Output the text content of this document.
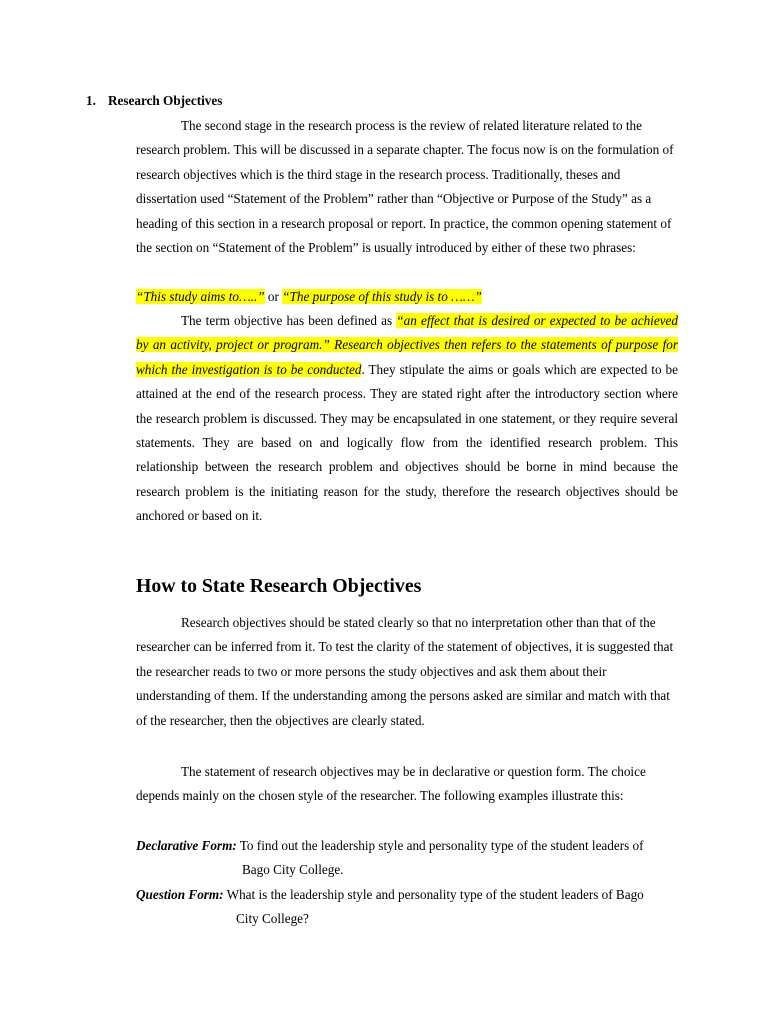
1. Research Objectives

The second stage in the research process is the review of related literature related to the research problem. This will be discussed in a separate chapter. The focus now is on the formulation of research objectives which is the third stage in the research process. Traditionally, theses and dissertation used “Statement of the Problem” rather than “Objective or Purpose of the Study” as a heading of this section in a research proposal or report. In practice, the common opening statement of the section on “Statement of the Problem” is usually introduced by either of these two phrases:

“This study aims to…..” or “The purpose of this study is to ……”

The term objective has been defined as “an effect that is desired or expected to be achieved by an activity, project or program.” Research objectives then refers to the statements of purpose for which the investigation is to be conducted. They stipulate the aims or goals which are expected to be attained at the end of the research process. They are stated right after the introductory section where the research problem is discussed. They may be encapsulated in one statement, or they require several statements. They are based on and logically flow from the identified research problem. This relationship between the research problem and objectives should be borne in mind because the research problem is the initiating reason for the study, therefore the research objectives should be anchored or based on it.

How to State Research Objectives

Research objectives should be stated clearly so that no interpretation other than that of the researcher can be inferred from it. To test the clarity of the statement of objectives, it is suggested that the researcher reads to two or more persons the study objectives and ask them about their understanding of them. If the understanding among the persons asked are similar and match with that of the researcher, then the objectives are clearly stated.

The statement of research objectives may be in declarative or question form. The choice depends mainly on the chosen style of the researcher. The following examples illustrate this:

Declarative Form: To find out the leadership style and personality type of the student leaders of
Bago City College.

Question Form: What is the leadership style and personality type of the student leaders of Bago
City College?
